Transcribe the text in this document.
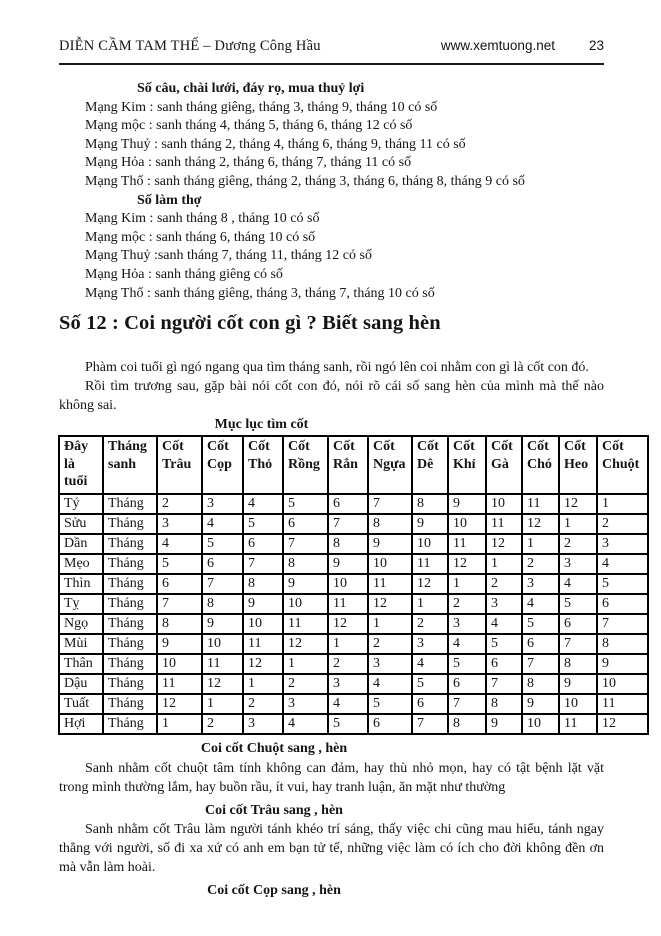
DIỄN CẦM TAM THẾ – Dương Công Hầu	www.xemtuong.net	23
Số câu, chài lưới, đáy rọ, mua thuỷ lợi
Mạng Kim : sanh tháng giêng, tháng 3, tháng 9, tháng 10 có số
Mạng mộc : sanh tháng 4, tháng 5, tháng 6, tháng 12 có số
Mạng Thuỷ : sanh tháng 2, tháng 4, tháng 6, tháng 9, tháng 11 có số
Mạng Hỏa : sanh tháng 2, tháng 6, tháng 7, tháng 11 có số
Mạng Thổ : sanh tháng giêng, tháng 2, tháng 3, tháng 6, tháng 8, tháng 9 có số
Số làm thợ
Mạng Kim : sanh tháng 8 , tháng 10 có số
Mạng mộc : sanh tháng 6, tháng 10 có số
Mạng Thuỷ :sanh tháng 7, tháng 11, tháng 12 có số
Mạng Hỏa : sanh tháng giêng có số
Mạng Thổ : sanh tháng giêng, tháng 3, tháng 7, tháng 10 có số
Số 12 : Coi người cốt con gì ? Biết sang hèn

Phàm coi tuổi gì ngó ngang qua tìm tháng sanh, rồi ngó lên coi nhằm con gì là cốt con đó.

Rồi tìm trương sau, gặp bài nói cốt con đó, nói rõ cái số sang hèn của mình mà thế nào không sai.

Mục lục tìm cốt
Đây là tuổi	Tháng sanh	Cốt Trâu	Cốt Cọp	Cốt Thỏ	Cốt Rồng	Cốt Rắn	Cốt Ngựa	Cốt Dê	Cốt Khỉ	Cốt Gà	Cốt Chó	Cốt Heo	Cốt Chuột
Tý	Tháng	2	3	4	5	6	7	8	9	10	11	12	1
Sửu	Tháng	3	4	5	6	7	8	9	10	11	12	1	2
Dần	Tháng	4	5	6	7	8	9	10	11	12	1	2	3
Mẹo	Tháng	5	6	7	8	9	10	11	12	1	2	3	4
Thìn	Tháng	6	7	8	9	10	11	12	1	2	3	4	5
Tỵ	Tháng	7	8	9	10	11	12	1	2	3	4	5	6
Ngọ	Tháng	8	9	10	11	12	1	2	3	4	5	6	7
Mùi	Tháng	9	10	11	12	1	2	3	4	5	6	7	8
Thân	Tháng	10	11	12	1	2	3	4	5	6	7	8	9
Dậu	Tháng	11	12	1	2	3	4	5	6	7	8	9	10
Tuất	Tháng	12	1	2	3	4	5	6	7	8	9	10	11
Hợi	Tháng	1	2	3	4	5	6	7	8	9	10	11	12
Coi cốt Chuột sang , hèn

Sanh nhằm cốt chuột tâm tính không can đảm, hay thù nhỏ mọn, hay có tật bệnh lặt vặt trong mình thường lắm, hay buồn rầu, ít vui, hay tranh luận, ăn mặt như thường

Coi cốt Trâu sang , hèn

Sanh nhằm cốt Trâu làm người tánh khéo trí sáng, thấy việc chi cũng mau hiểu, tánh ngay thẳng với người, số đi xa xứ có anh em bạn tử tế, những việc làm có ích cho đời không đền ơn mà vẫn làm hoài.

Coi cốt Cọp sang , hèn
